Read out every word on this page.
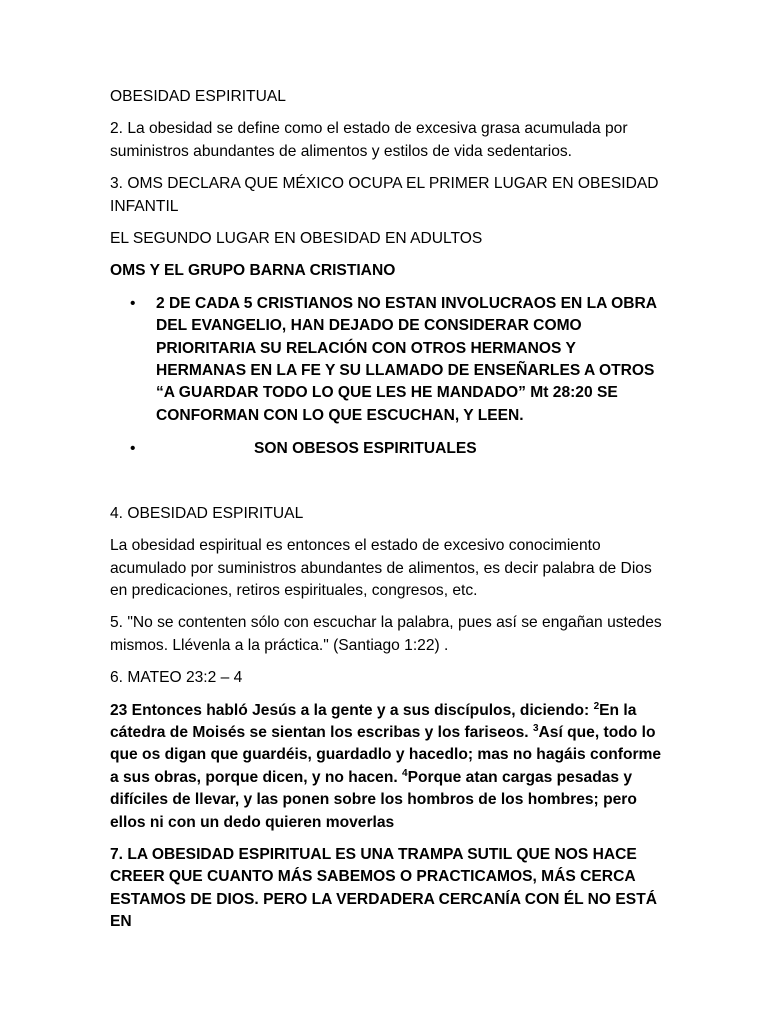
OBESIDAD ESPIRITUAL

2. La obesidad se define como el estado de excesiva grasa acumulada por suministros abundantes de alimentos y estilos de vida sedentarios.

3. OMS DECLARA QUE MÉXICO OCUPA EL PRIMER LUGAR EN OBESIDAD INFANTIL

EL SEGUNDO LUGAR EN OBESIDAD EN ADULTOS

OMS Y EL GRUPO BARNA CRISTIANO

• 2 DE CADA 5 CRISTIANOS NO ESTAN INVOLUCRAOS EN LA OBRA DEL EVANGELIO, HAN DEJADO DE CONSIDERAR COMO PRIORITARIA SU RELACIÓN CON OTROS HERMANOS Y HERMANAS EN LA FE Y SU LLAMADO DE ENSEÑARLES A OTROS “A GUARDAR TODO LO QUE LES HE MANDADO” Mt 28:20 SE CONFORMAN CON LO QUE ESCUCHAN, Y LEEN.
•	SON OBESOS ESPIRITUALES

4. OBESIDAD ESPIRITUAL

La obesidad espiritual es entonces el estado de excesivo conocimiento acumulado por suministros abundantes de alimentos, es decir palabra de Dios en predicaciones, retiros espirituales, congresos, etc.

5. "No se contenten sólo con escuchar la palabra, pues así se engañan ustedes mismos. Llévenla a la práctica." (Santiago 1:22) .

6. MATEO 23:2 – 4

23 Entonces habló Jesús a la gente y a sus discípulos, diciendo: $^2$En la cátedra de Moisés se sientan los escribas y los fariseos. $^3$Así que, todo lo que os digan que guardéis, guardadlo y hacedlo; mas no hagáis conforme a sus obras, porque dicen, y no hacen. $^4$Porque atan cargas pesadas y difíciles de llevar, y las ponen sobre los hombros de los hombres; pero ellos ni con un dedo quieren moverlas

7. LA OBESIDAD ESPIRITUAL ES UNA TRAMPA SUTIL QUE NOS HACE CREER QUE CUANTO MÁS SABEMOS O PRACTICAMOS, MÁS CERCA ESTAMOS DE DIOS. PERO LA VERDADERA CERCANÍA CON ÉL NO ESTÁ EN
